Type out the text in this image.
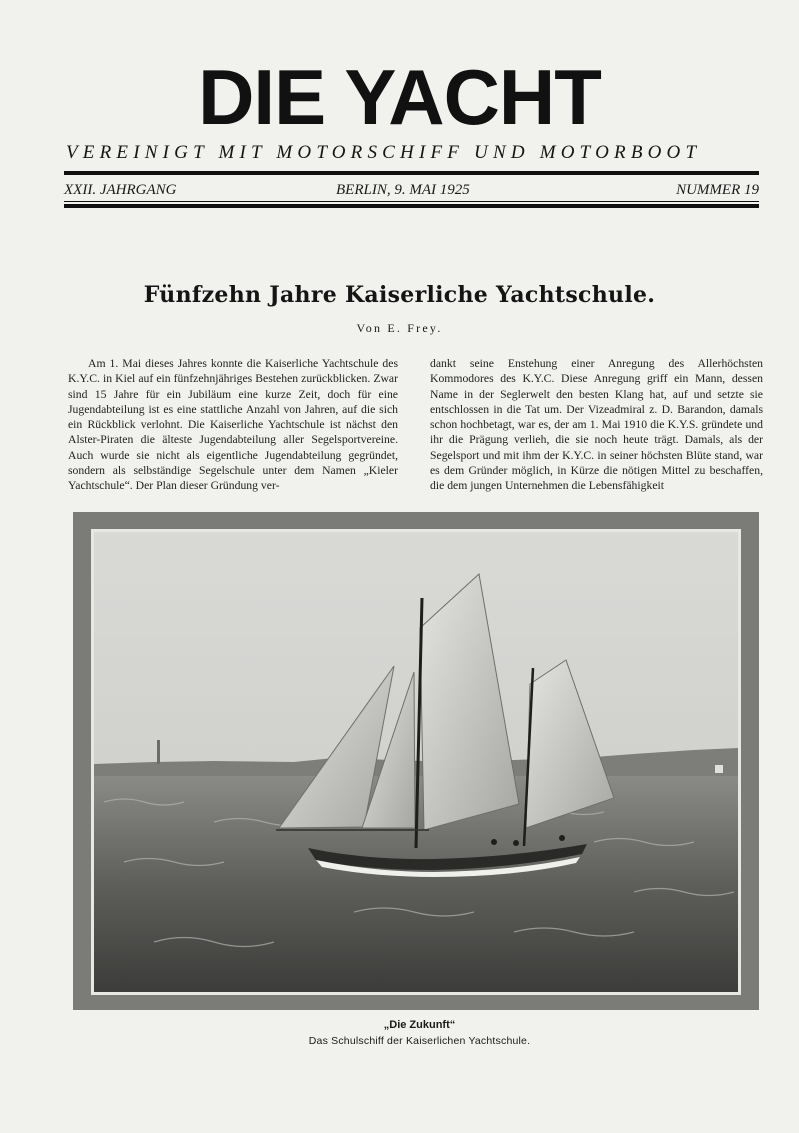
DIE YACHT
VEREINIGT MIT MOTORSCHIFF UND MOTORBOOT
XXII. JAHRGANG	BERLIN, 9. MAI 1925	NUMMER 19
Fünfzehn Jahre Kaiserliche Yachtschule.
Von E. Frey.
Am 1. Mai dieses Jahres konnte die Kaiserliche Yachtschule des K.Y.C. in Kiel auf ein fünfzehnjähriges Bestehen zurückblicken. Zwar sind 15 Jahre für ein Jubiläum eine kurze Zeit, doch für eine Jugendabteilung ist es eine stattliche Anzahl von Jahren, auf die sich ein Rückblick verlohnt. Die Kaiserliche Yachtschule ist nächst den Alster-Piraten die älteste Jugendabteilung aller Segelsportvereine. Auch wurde sie nicht als eigentliche Jugendabteilung gegründet, sondern als selbständige Segelschule unter dem Namen „Kieler Yachtschule“. Der Plan dieser Gründung ver-
dankt seine Enstehung einer Anregung des Allerhöchsten Kommodores des K.Y.C. Diese Anregung griff ein Mann, dessen Name in der Seglerwelt den besten Klang hat, auf und setzte sie entschlossen in die Tat um. Der Vizeadmiral z. D. Barandon, damals schon hochbetagt, war es, der am 1. Mai 1910 die K.Y.S. gründete und ihr die Prägung verlieh, die sie noch heute trägt. Damals, als der Segelsport und mit ihm der K.Y.C. in seiner höchsten Blüte stand, war es dem Gründer möglich, in Kürze die nötigen Mittel zu beschaffen, die dem jungen Unternehmen die Lebensfähigkeit
„Die Zukunft“
Das Schulschiff der Kaiserlichen Yachtschule.
